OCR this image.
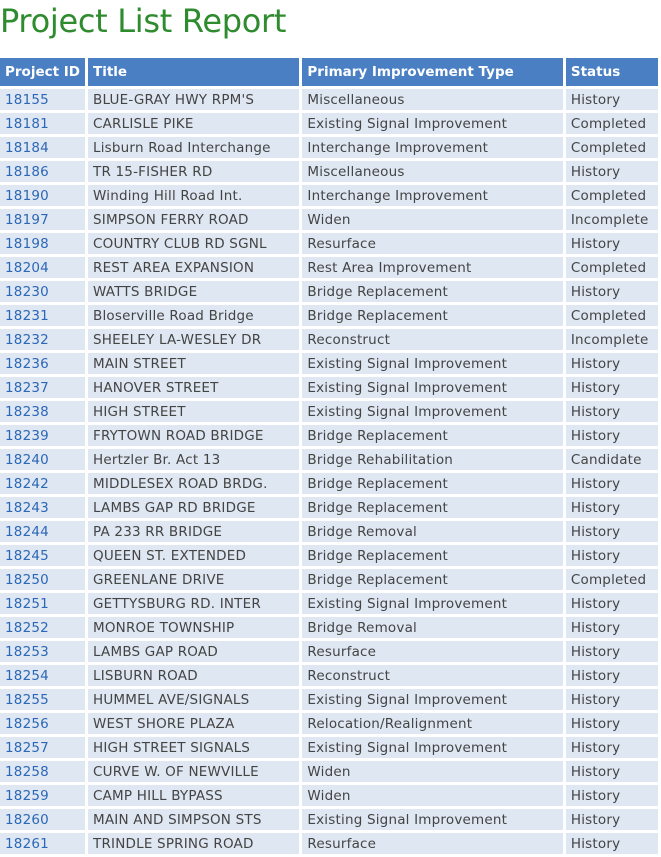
Project List Report
Project ID	Title	Primary Improvement Type	Status
18155	BLUE-GRAY HWY RPM'S	Miscellaneous	History
18181	CARLISLE PIKE	Existing Signal Improvement	Completed
18184	Lisburn Road Interchange	Interchange Improvement	Completed
18186	TR 15-FISHER RD	Miscellaneous	History
18190	Winding Hill Road Int.	Interchange Improvement	Completed
18197	SIMPSON FERRY ROAD	Widen	Incomplete
18198	COUNTRY CLUB RD SGNL	Resurface	History
18204	REST AREA EXPANSION	Rest Area Improvement	Completed
18230	WATTS BRIDGE	Bridge Replacement	History
18231	Bloserville Road Bridge	Bridge Replacement	Completed
18232	SHEELEY LA-WESLEY DR	Reconstruct	Incomplete
18236	MAIN STREET	Existing Signal Improvement	History
18237	HANOVER STREET	Existing Signal Improvement	History
18238	HIGH STREET	Existing Signal Improvement	History
18239	FRYTOWN ROAD BRIDGE	Bridge Replacement	History
18240	Hertzler Br. Act 13	Bridge Rehabilitation	Candidate
18242	MIDDLESEX ROAD BRDG.	Bridge Replacement	History
18243	LAMBS GAP RD BRIDGE	Bridge Replacement	History
18244	PA 233 RR BRIDGE	Bridge Removal	History
18245	QUEEN ST. EXTENDED	Bridge Replacement	History
18250	GREENLANE DRIVE	Bridge Replacement	Completed
18251	GETTYSBURG RD. INTER	Existing Signal Improvement	History
18252	MONROE TOWNSHIP	Bridge Removal	History
18253	LAMBS GAP ROAD	Resurface	History
18254	LISBURN ROAD	Reconstruct	History
18255	HUMMEL AVE/SIGNALS	Existing Signal Improvement	History
18256	WEST SHORE PLAZA	Relocation/Realignment	History
18257	HIGH STREET SIGNALS	Existing Signal Improvement	History
18258	CURVE W. OF NEWVILLE	Widen	History
18259	CAMP HILL BYPASS	Widen	History
18260	MAIN AND SIMPSON STS	Existing Signal Improvement	History
18261	TRINDLE SPRING ROAD	Resurface	History
